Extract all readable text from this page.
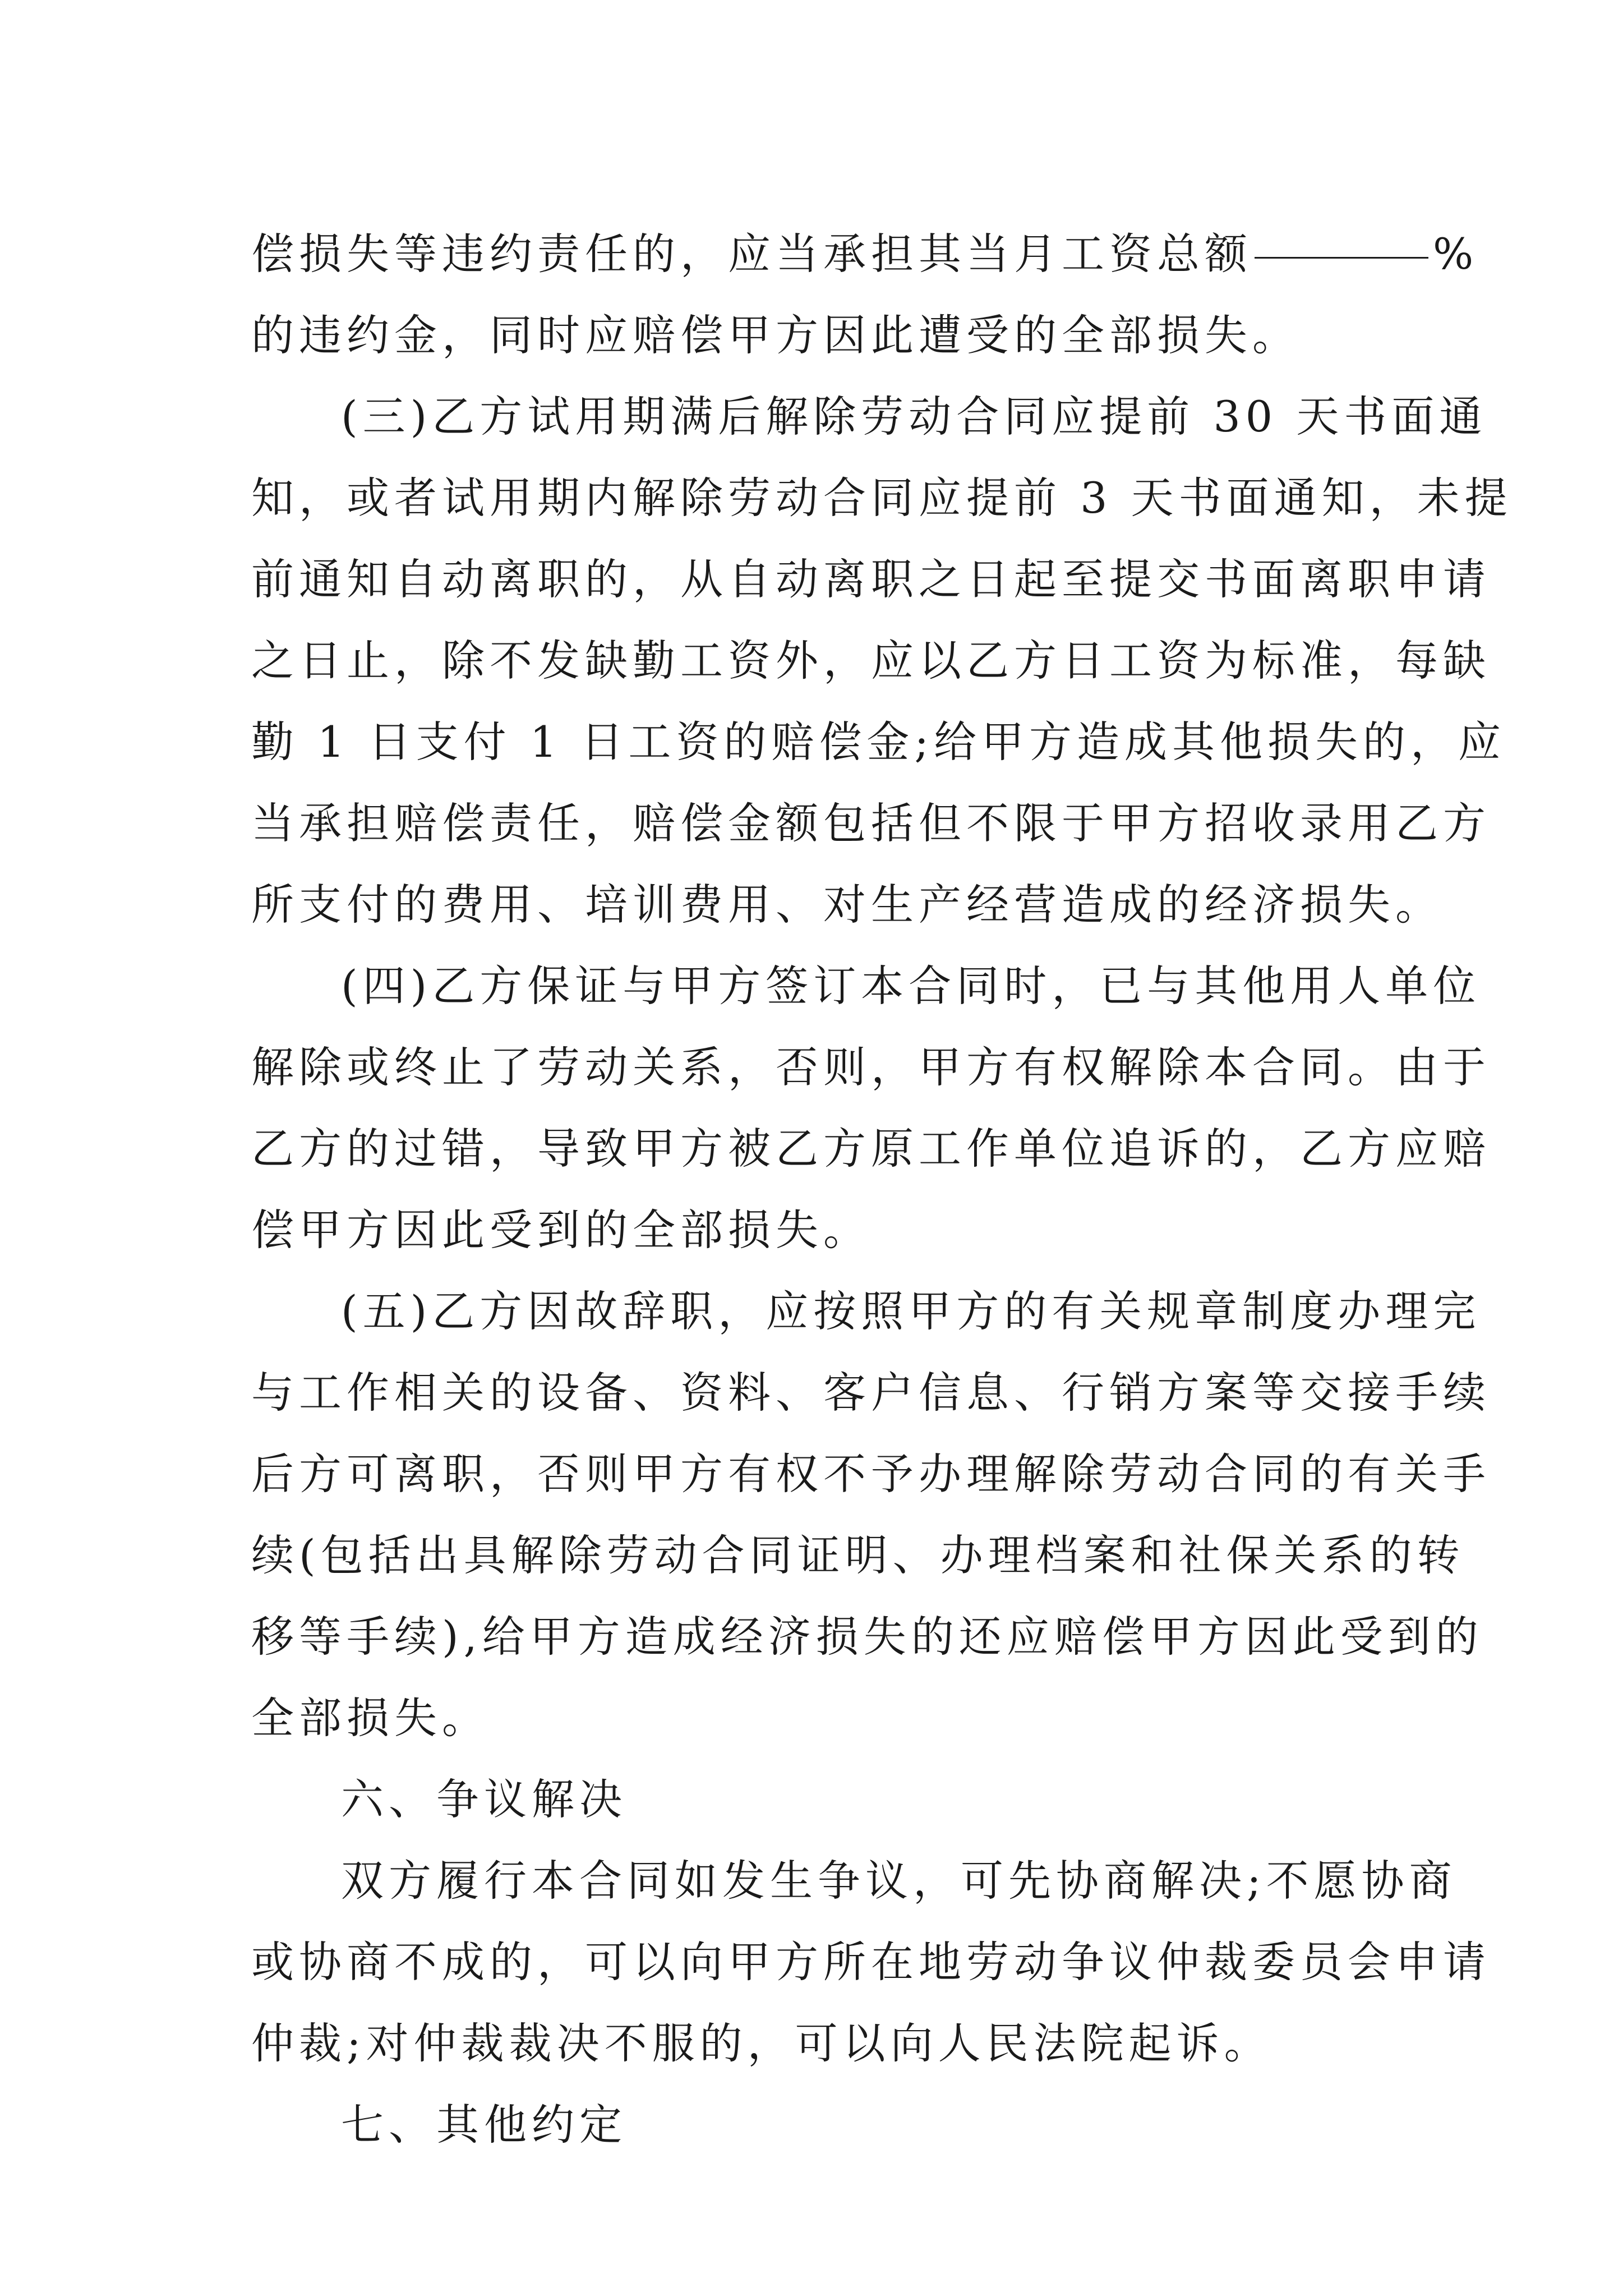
偿损失等违约责任的，应当承担其当月工资总额	%
的违约金，同时应赔偿甲方因此遭受的全部损失。
(三)乙方试用期满后解除劳动合同应提前 30 天书面通
知，或者试用期内解除劳动合同应提前 3 天书面通知，未提
前通知自动离职的，从自动离职之日起至提交书面离职申请
之日止，除不发缺勤工资外，应以乙方日工资为标准，每缺
勤 1 日支付 1 日工资的赔偿金;给甲方造成其他损失的，应
当承担赔偿责任，赔偿金额包括但不限于甲方招收录用乙方
所支付的费用、培训费用、对生产经营造成的经济损失。
(四)乙方保证与甲方签订本合同时，已与其他用人单位
解除或终止了劳动关系，否则，甲方有权解除本合同。由于
乙方的过错，导致甲方被乙方原工作单位追诉的，乙方应赔
偿甲方因此受到的全部损失。
(五)乙方因故辞职，应按照甲方的有关规章制度办理完
与工作相关的设备、资料、客户信息、行销方案等交接手续
后方可离职，否则甲方有权不予办理解除劳动合同的有关手
续(包括出具解除劳动合同证明、办理档案和社保关系的转
移等手续),给甲方造成经济损失的还应赔偿甲方因此受到的
全部损失。
六、争议解决
双方履行本合同如发生争议，可先协商解决;不愿协商
或协商不成的，可以向甲方所在地劳动争议仲裁委员会申请
仲裁;对仲裁裁决不服的，可以向人民法院起诉。
七、其他约定
